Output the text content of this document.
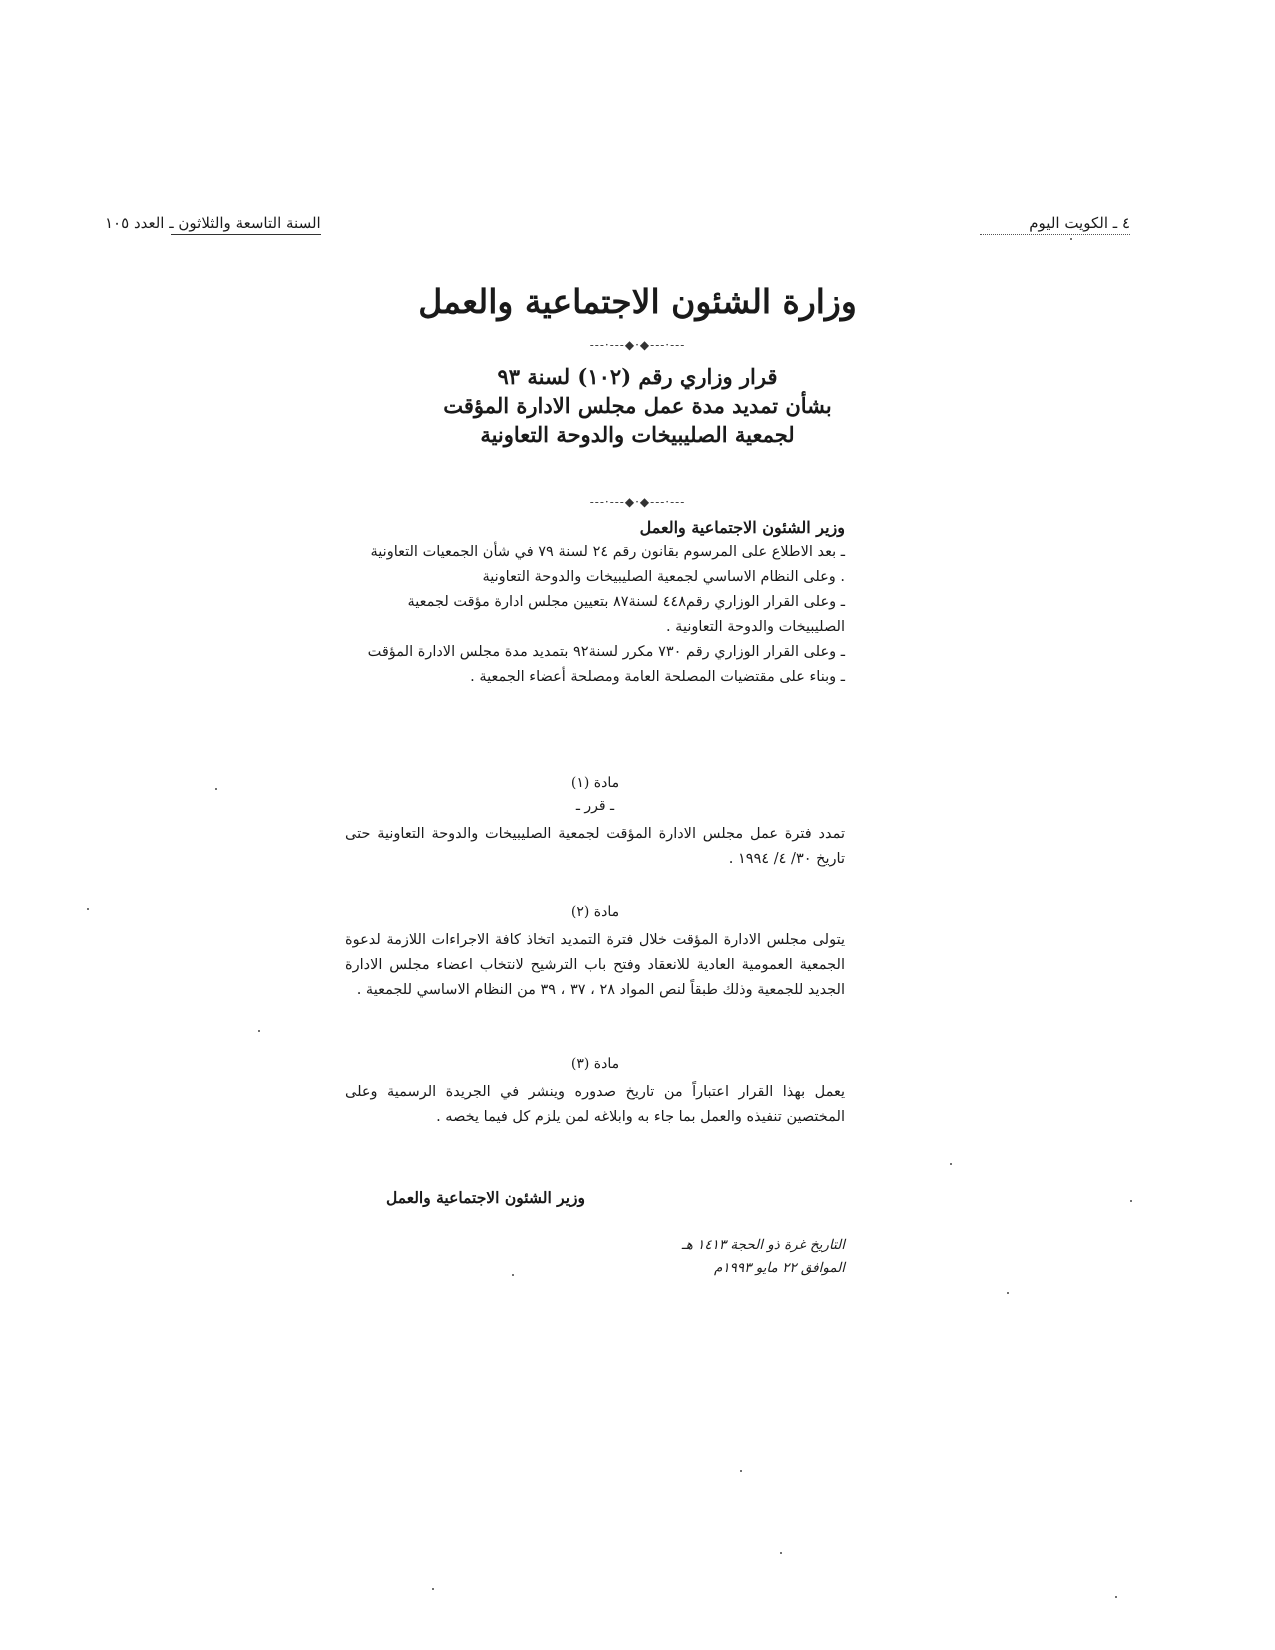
٤ ـ الكويت اليوم
السنة التاسعة والثلاثون ـ العدد ١٠٥
وزارة الشئون الاجتماعية والعمل
---·---◆·◆---·---

قرار وزاري رقم (١٠٢) لسنة ٩٣

بشأن تمديد مدة عمل مجلس الادارة المؤقت

لجمعية الصليبيخات والدوحة التعاونية

---·---◆·◆---·---

وزير الشئون الاجتماعية والعمل

ـ بعد الاطلاع على المرسوم بقانون رقم ٢٤ لسنة ٧٩ في شأن الجمعيات التعاونية

. وعلى النظام الاساسي لجمعية الصليبيخات والدوحة التعاونية

ـ وعلى القرار الوزاري رقم٤٤٨ لسنة٨٧ بتعيين مجلس ادارة مؤقت لجمعية الصليبيخات والدوحة التعاونية .

ـ وعلى القرار الوزاري رقم ٧٣٠ مكرر لسنة٩٢ بتمديد مدة مجلس الادارة المؤقت

ـ وبناء على مقتضيات المصلحة العامة ومصلحة أعضاء الجمعية .

مادة (١)
ـ قرر ـ
تمدد فترة عمل مجلس الادارة المؤقت لجمعية الصليبيخات والدوحة التعاونية حتى تاريخ ٣٠/ ٤/ ١٩٩٤ .
مادة (٢)
يتولى مجلس الادارة المؤقت خلال فترة التمديد اتخاذ كافة الاجراءات اللازمة لدعوة الجمعية العمومية العادية للانعقاد وفتح باب الترشيح لانتخاب اعضاء مجلس الادارة الجديد للجمعية وذلك طبقاً لنص المواد ٢٨ ، ٣٧ ، ٣٩ من النظام الاساسي للجمعية .
مادة (٣)
يعمل بهذا القرار اعتباراً من تاريخ صدوره وينشر في الجريدة الرسمية وعلى المختصين تنفيذه والعمل بما جاء به وابلاغه لمن يلزم كل فيما يخصه .
وزير الشئون الاجتماعية والعمل

التاريخ غرة ذو الحجة ١٤١٣ هـ

الموافق ٢٢ مايو ١٩٩٣م
